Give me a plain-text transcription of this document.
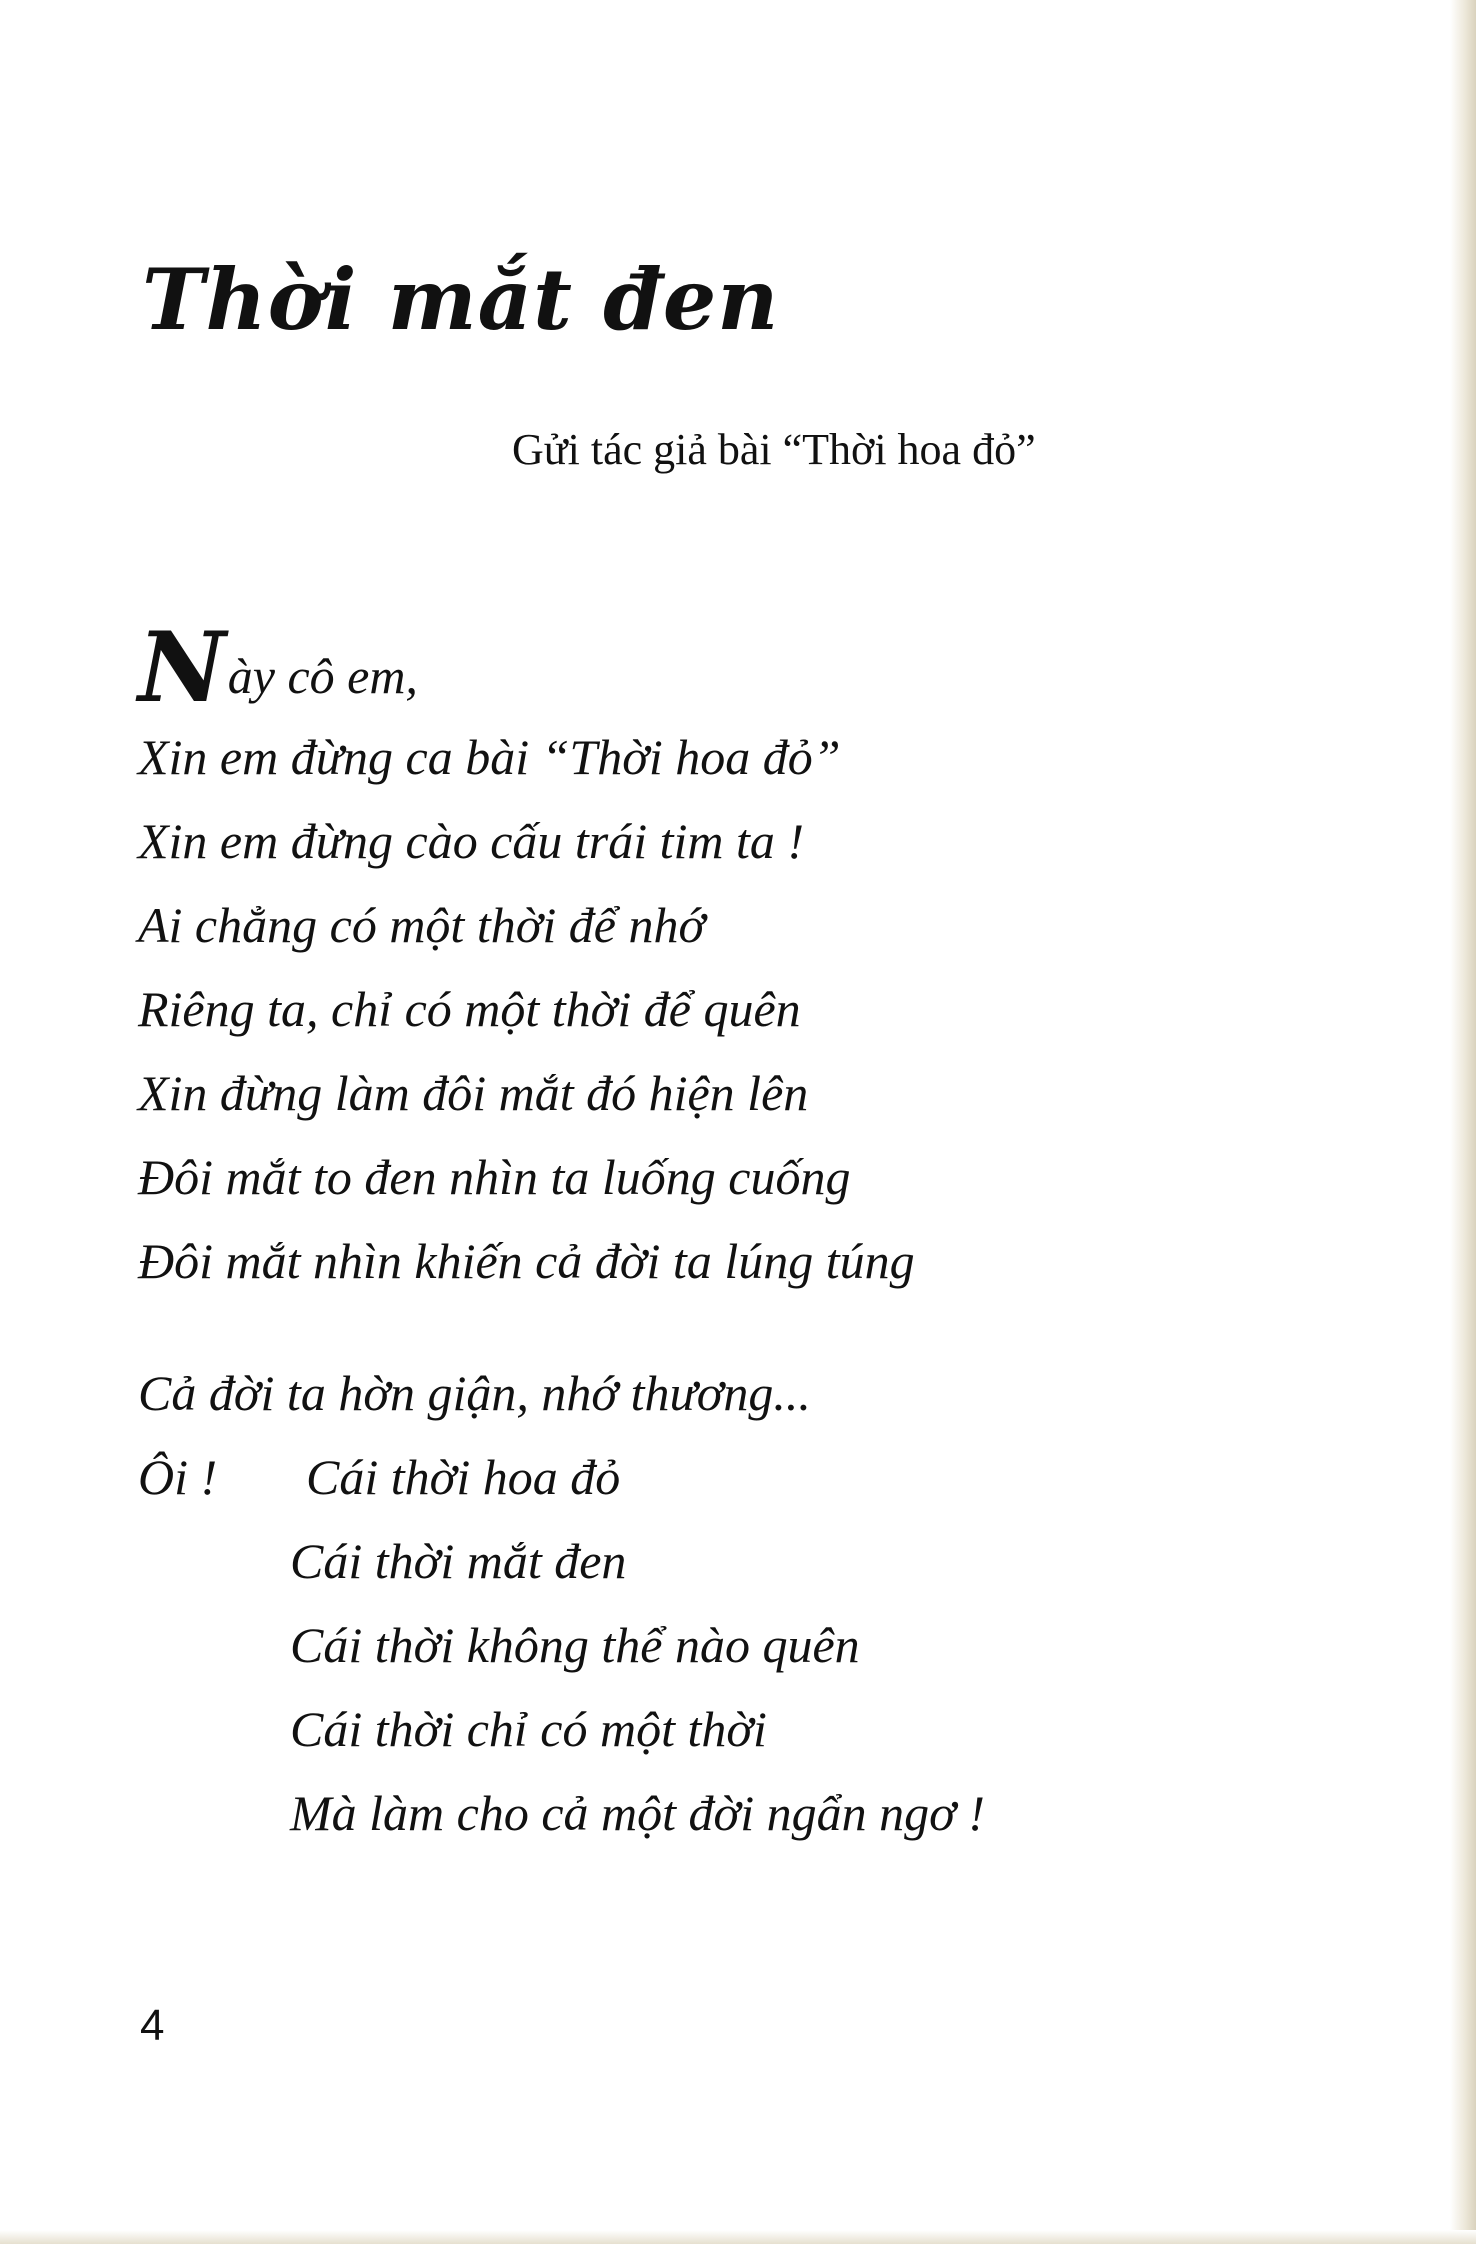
Thời mắt đen
Gửi tác giả bài “Thời hoa đỏ”
Này cô em,
Xin em đừng ca bài “Thời hoa đỏ”
Xin em đừng cào cấu trái tim ta !
Ai chẳng có một thời để nhớ
Riêng ta, chỉ có một thời để quên
Xin đừng làm đôi mắt đó hiện lên
Đôi mắt to đen nhìn ta luống cuống
Đôi mắt nhìn khiến cả đời ta lúng túng
Cả đời ta hờn giận, nhớ thương...
Ôi ! Cái thời hoa đỏ
Cái thời mắt đen
Cái thời không thể nào quên
Cái thời chỉ có một thời
Mà làm cho cả một đời ngẩn ngơ !
4
